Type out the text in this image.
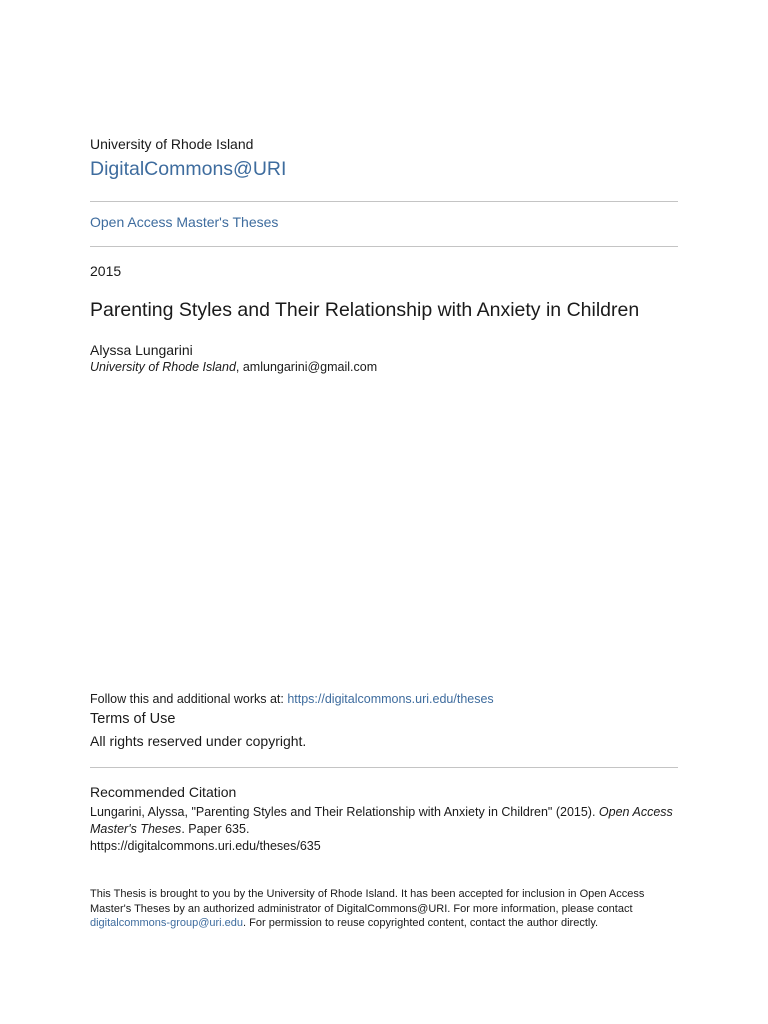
University of Rhode Island
DigitalCommons@URI
Open Access Master's Theses
2015
Parenting Styles and Their Relationship with Anxiety in Children
Alyssa Lungarini
University of Rhode Island, amlungarini@gmail.com
Follow this and additional works at: https://digitalcommons.uri.edu/theses
Terms of Use
All rights reserved under copyright.
Recommended Citation
Lungarini, Alyssa, "Parenting Styles and Their Relationship with Anxiety in Children" (2015). Open Access Master's Theses. Paper 635.
https://digitalcommons.uri.edu/theses/635
This Thesis is brought to you by the University of Rhode Island. It has been accepted for inclusion in Open Access Master's Theses by an authorized administrator of DigitalCommons@URI. For more information, please contact digitalcommons-group@uri.edu. For permission to reuse copyrighted content, contact the author directly.
